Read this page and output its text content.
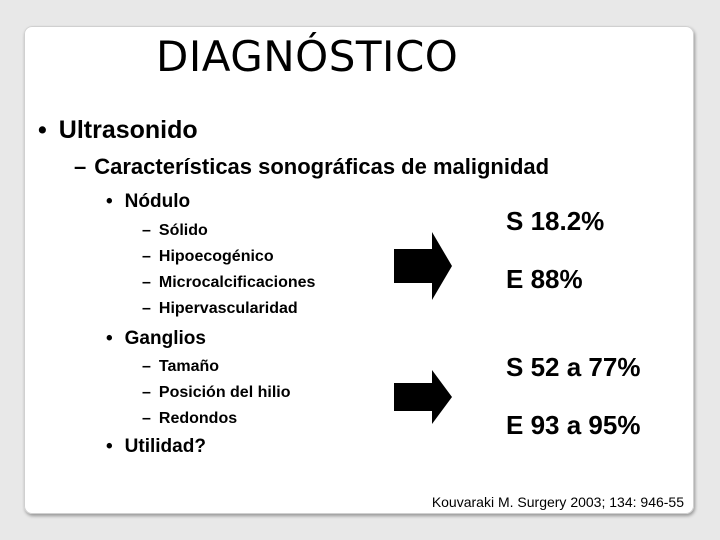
DIAGNÓSTICO
• Ultrasonido
– Características sonográficas de malignidad
• Nódulo
– Sólido
– Hipoecogénico
– Microcalcificaciones
– Hipervascularidad
• Ganglios
– Tamaño
– Posición del hilio
– Redondos
• Utilidad?
S 18.2%
E 88%
S 52 a 77%
E 93 a 95%
Kouvaraki M. Surgery 2003; 134: 946-55
